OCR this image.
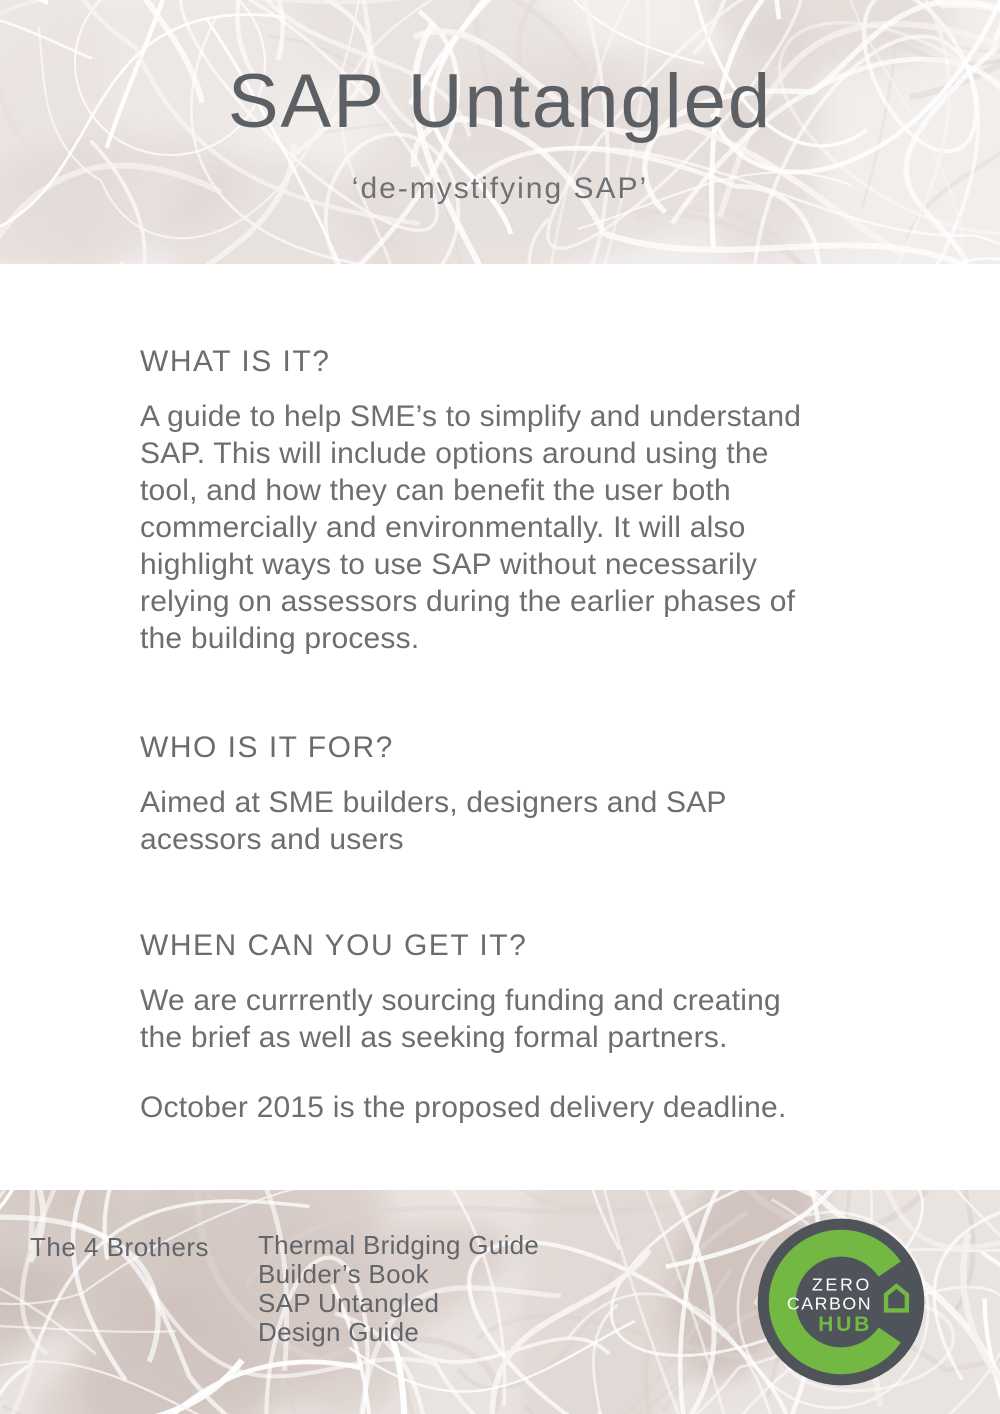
SAP Untangled
‘de-mystifying SAP’
WHAT IS IT?
A guide to help SME’s to simplify and understand
SAP. This will include options around using the
tool, and how they can benefit the user both
commercially and environmentally. It will also
highlight ways to use SAP without necessarily
relying on assessors during the earlier phases of
the building process.
WHO IS IT FOR?
Aimed at SME builders, designers and SAP
acessors and users
WHEN CAN YOU GET IT?
We are currrently sourcing funding and creating
the brief as well as seeking formal partners.
October 2015 is the proposed delivery deadline.
The 4 Brothers Thermal Bridging Guide
Builder’s Book
SAP Untangled
Design Guide
ZERO
CARBON
HUB
